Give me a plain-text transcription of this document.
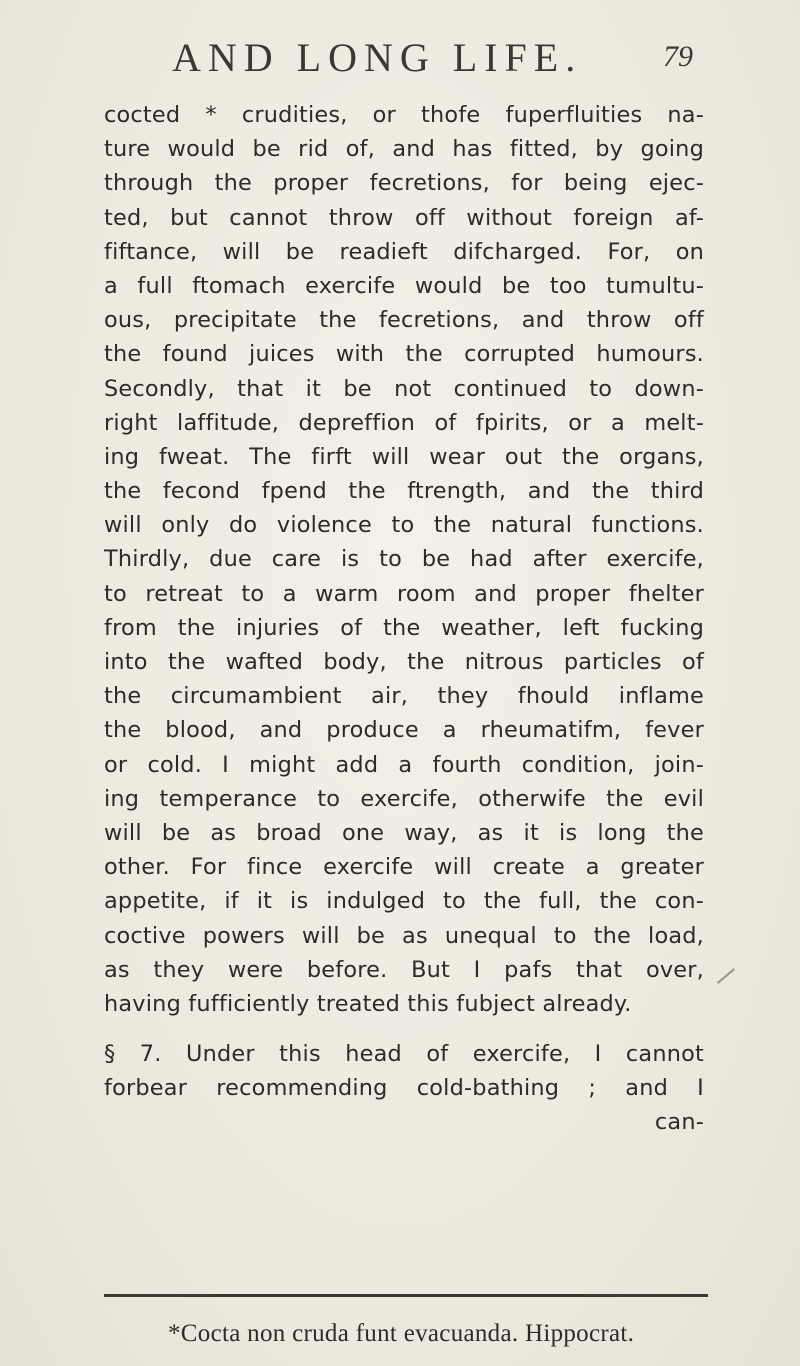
AND LONG LIFE.	79
cocted * crudities, or thofe fuperfluities na-
ture would be rid of, and has fitted, by going
through the proper fecretions, for being ejec-
ted, but cannot throw off without foreign af-
fiftance, will be readieft difcharged. For, on
a full ftomach exercife would be too tumultu-
ous, precipitate the fecretions, and throw off
the found juices with the corrupted humours.
Secondly, that it be not continued to down-
right laffitude, depreffion of fpirits, or a melt-
ing fweat. The firft will wear out the organs,
the fecond fpend the ftrength, and the third
will only do violence to the natural functions.
Thirdly, due care is to be had after exercife,
to retreat to a warm room and proper fhelter
from the injuries of the weather, left fucking
into the wafted body, the nitrous particles of
the circumambient air, they fhould inflame
the blood, and produce a rheumatifm, fever
or cold. I might add a fourth condition, join-
ing temperance to exercife, otherwife the evil
will be as broad one way, as it is long the
other. For fince exercife will create a greater
appetite, if it is indulged to the full, the con-
coctive powers will be as unequal to the load,
as they were before. But I pafs that over,
having fufficiently treated this fubject already.
§ 7. Under this head of exercife, I cannot
forbear recommending cold-bathing ; and I
can-
*Cocta non cruda funt evacuanda. Hippocrat.
